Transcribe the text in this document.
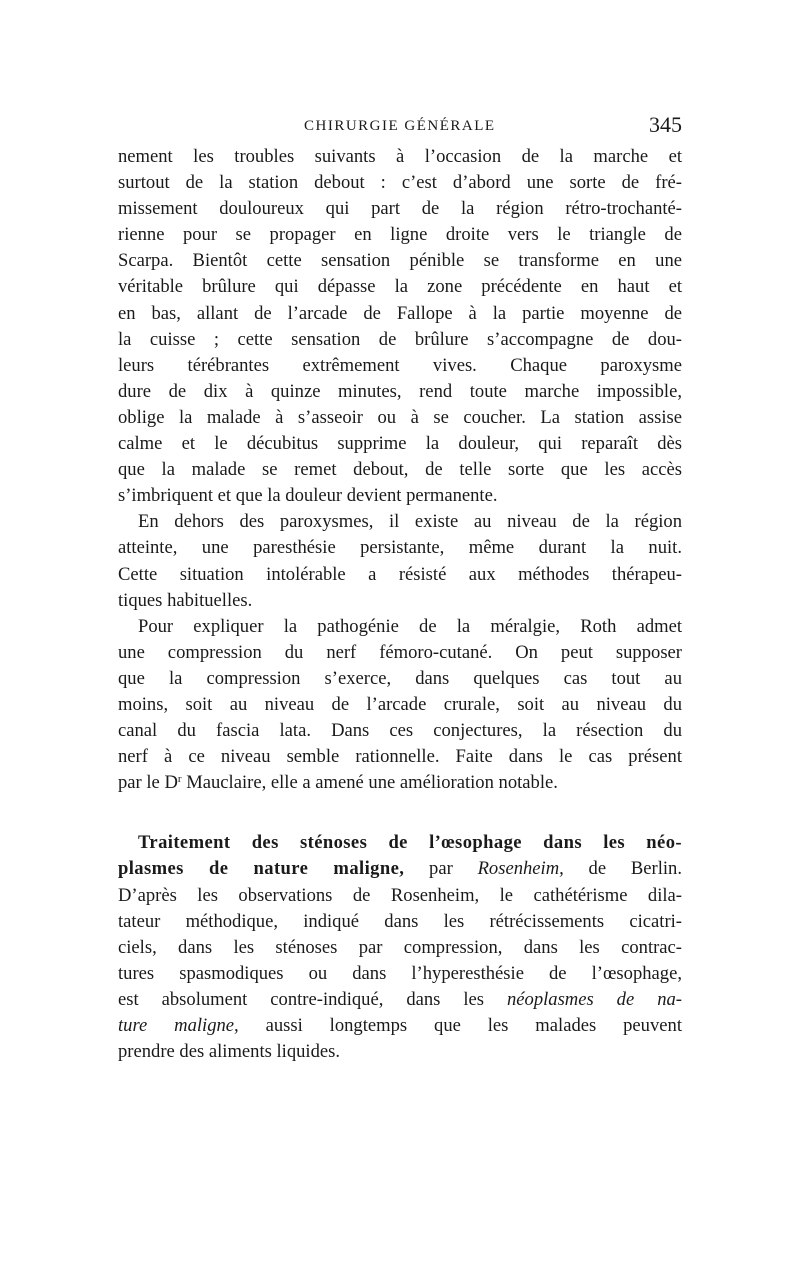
CHIRURGIE GÉNÉRALE	345

nement les troubles suivants à l’occasion de la marche et
surtout de la station debout : c’est d’abord une sorte de fré-
missement douloureux qui part de la région rétro-trochanté-
rienne pour se propager en ligne droite vers le triangle de
Scarpa. Bientôt cette sensation pénible se transforme en une
véritable brûlure qui dépasse la zone précédente en haut et
en bas, allant de l’arcade de Fallope à la partie moyenne de
la cuisse ; cette sensation de brûlure s’accompagne de dou-
leurs térébrantes extrêmement vives. Chaque paroxysme
dure de dix à quinze minutes, rend toute marche impossible,
oblige la malade à s’asseoir ou à se coucher. La station assise
calme et le décubitus supprime la douleur, qui reparaît dès
que la malade se remet debout, de telle sorte que les accès
s’imbriquent et que la douleur devient permanente.

En dehors des paroxysmes, il existe au niveau de la région
atteinte, une paresthésie persistante, même durant la nuit.
Cette situation intolérable a résisté aux méthodes thérapeu-
tiques habituelles.

Pour expliquer la pathogénie de la méralgie, Roth admet
une compression du nerf fémoro-cutané. On peut supposer
que la compression s’exerce, dans quelques cas tout au
moins, soit au niveau de l’arcade crurale, soit au niveau du
canal du fascia lata. Dans ces conjectures, la résection du
nerf à ce niveau semble rationnelle. Faite dans le cas présent
par le $D^r$ Mauclaire, elle a amené une amélioration notable.

Traitement des sténoses de l’œsophage dans les néo-
plasmes de nature maligne, par Rosenheim, de Berlin.
D’après les observations de Rosenheim, le cathétérisme dila-
tateur méthodique, indiqué dans les rétrécissements cicatri-
ciels, dans les sténoses par compression, dans les contrac-
tures spasmodiques ou dans l’hyperesthésie de l’œsophage,
est absolument contre-indiqué, dans les néoplasmes de na-
ture maligne, aussi longtemps que les malades peuvent
prendre des aliments liquides.
